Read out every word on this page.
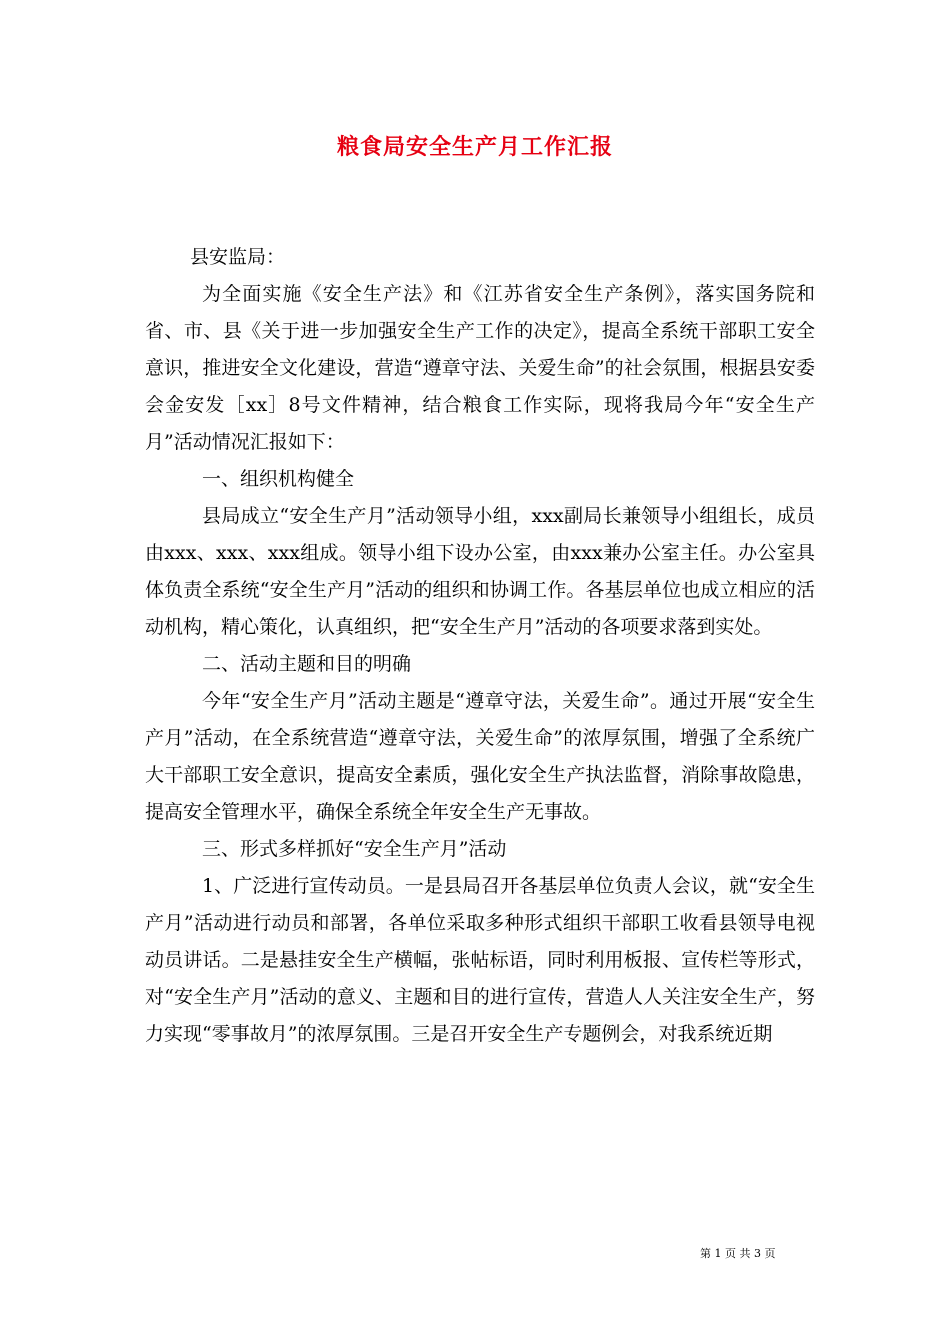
粮食局安全生产月工作汇报

县安监局：

为全面实施《安全生产法》和《江苏省安全生产条例》，落实国务院和省、市、县《关于进一步加强安全生产工作的决定》，提高全系统干部职工安全意识，推进安全文化建设，营造“遵章守法、关爱生命”的社会氛围，根据县安委会金安发［xx］8号文件精神，结合粮食工作实际，现将我局今年“安全生产月”活动情况汇报如下：

一、组织机构健全

县局成立“安全生产月”活动领导小组，xxx副局长兼领导小组组长，成员由xxx、xxx、xxx组成。领导小组下设办公室，由xxx兼办公室主任。办公室具体负责全系统“安全生产月”活动的组织和协调工作。各基层单位也成立相应的活动机构，精心策化，认真组织，把“安全生产月”活动的各项要求落到实处。

二、活动主题和目的明确

今年“安全生产月”活动主题是“遵章守法，关爱生命”。通过开展“安全生产月”活动，在全系统营造“遵章守法，关爱生命”的浓厚氛围，增强了全系统广大干部职工安全意识，提高安全素质，强化安全生产执法监督，消除事故隐患，提高安全管理水平，确保全系统全年安全生产无事故。

三、形式多样抓好“安全生产月”活动

1、广泛进行宣传动员。一是县局召开各基层单位负责人会议，就“安全生产月”活动进行动员和部署，各单位采取多种形式组织干部职工收看县领导电视动员讲话。二是悬挂安全生产横幅，张帖标语，同时利用板报、宣传栏等形式，对“安全生产月”活动的意义、主题和目的进行宣传，营造人人关注安全生产，努力实现“零事故月”的浓厚氛围。三是召开安全生产专题例会，对我系统近期

第 1 页 共 3 页
